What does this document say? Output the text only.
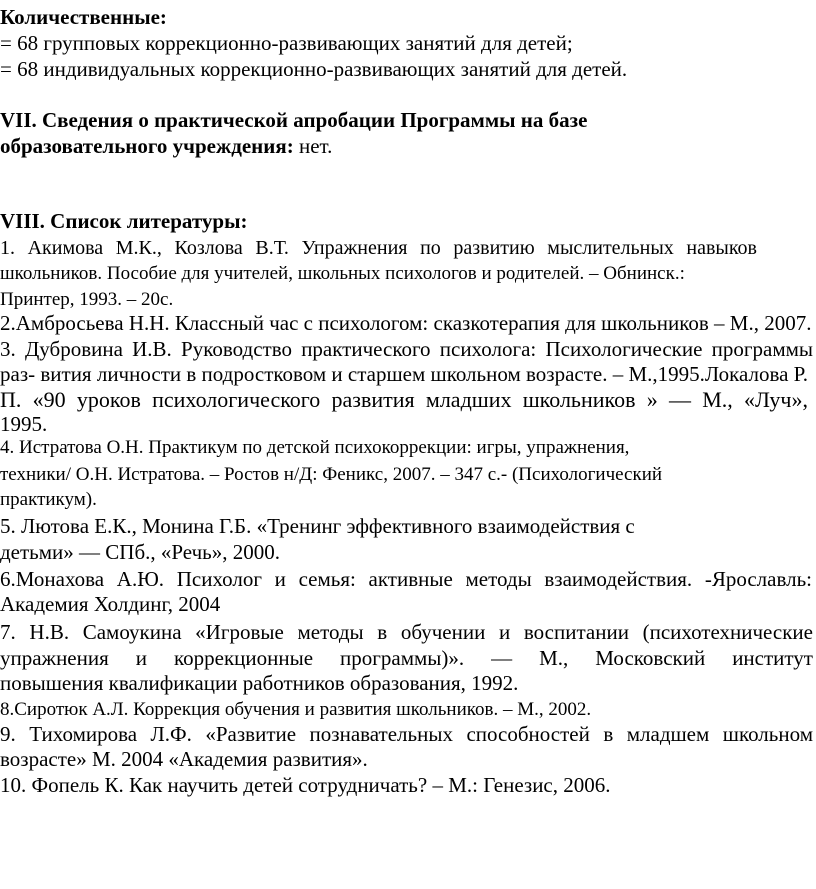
Количественные:
= 68 групповых коррекционно-развивающих занятий для детей;
= 68 индивидуальных коррекционно-развивающих занятий для детей.
VII. Сведения о практической апробации Программы на базе
образовательного учреждения: нет.
VIII. Список литературы:
1. Акимова М.К., Козлова В.Т. Упражнения по развитию мыслительных навыков
школьников. Пособие для учителей, школьных психологов и родителей. – Обнинск.:
Принтер, 1993. – 20с.
2.Амбросьева Н.Н. Классный час с психологом: сказкотерапия для школьников – М., 2007.
3. Дубровина И.В. Руководство практического психолога: Психологические программы
раз- вития личности в подростковом и старшем школьном возрасте. – М.,1995.Локалова Р.
П. «90 уроков психологического развития младших школьников » — М., «Луч»,
1995.
4. Истратова О.Н. Практикум по детской психокоррекции: игры, упражнения,
техники/ О.Н. Истратова. – Ростов н/Д: Феникс, 2007. – 347 с.- (Психологический
практикум).
5. Лютова Е.К., Монина Г.Б. «Тренинг эффективного взаимодействия с
детьми» — СПб., «Речь», 2000.
6.Монахова А.Ю. Психолог и семья: активные методы взаимодействия. -Ярославль:
Академия Холдинг, 2004
7. Н.В. Самоукина «Игровые методы в обучении и воспитании (психотехнические
упражнения и коррекционные программы)». — М., Московский институт
повышения квалификации работников образования, 1992.
8.Сиротюк А.Л. Коррекция обучения и развития школьников. – М., 2002.
9. Тихомирова Л.Ф. «Развитие познавательных способностей в младшем школьном
возрасте» М. 2004 «Академия развития».
10. Фопель К. Как научить детей сотрудничать? – М.: Генезис, 2006.
